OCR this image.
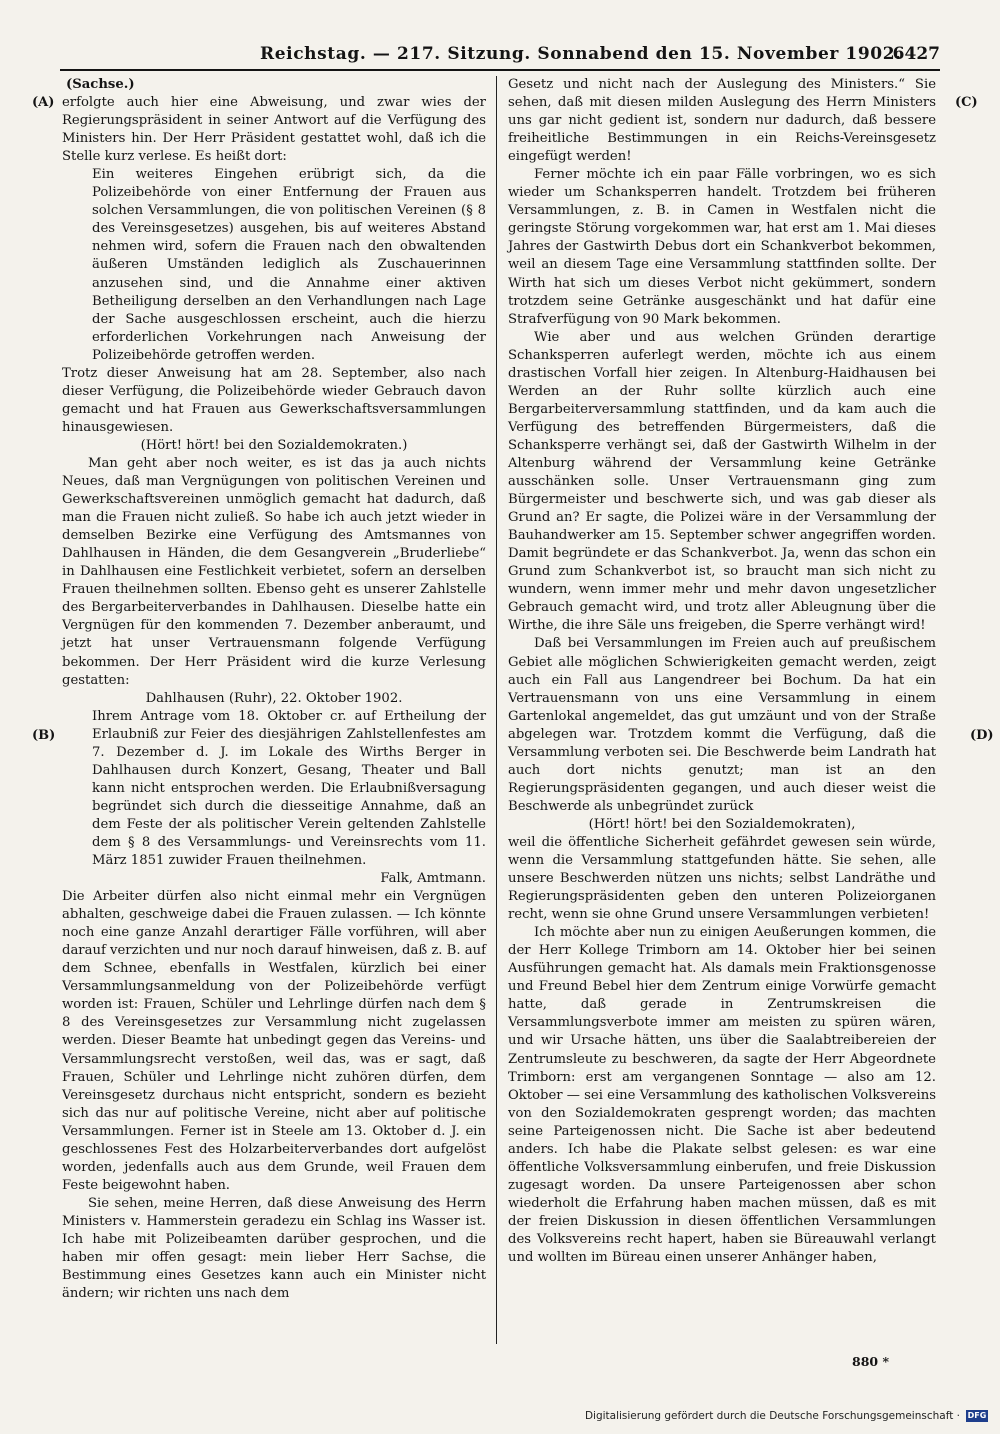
Reichstag. — 217. Sitzung. Sonnabend den 15. November 1902.
6427
(A)
(B)
(C)
(D)

(Sachse.)

erfolgte auch hier eine Abweisung, und zwar wies der Regierungspräsident in seiner Antwort auf die Verfügung des Ministers hin. Der Herr Präsident gestattet wohl, daß ich die Stelle kurz verlese. Es heißt dort:

Ein weiteres Eingehen erübrigt sich, da die Polizeibehörde von einer Entfernung der Frauen aus solchen Versammlungen, die von politischen Vereinen (§ 8 des Vereinsgesetzes) ausgehen, bis auf weiteres Abstand nehmen wird, sofern die Frauen nach den obwaltenden äußeren Umständen lediglich als Zuschauerinnen anzusehen sind, und die Annahme einer aktiven Betheiligung derselben an den Verhandlungen nach Lage der Sache ausgeschlossen erscheint, auch die hierzu erforderlichen Vorkehrungen nach Anweisung der Polizeibehörde getroffen werden.

Trotz dieser Anweisung hat am 28. September, also nach dieser Verfügung, die Polizeibehörde wieder Gebrauch davon gemacht und hat Frauen aus Gewerkschaftsversammlungen hinausgewiesen.

(Hört! hört! bei den Sozialdemokraten.)

Man geht aber noch weiter, es ist das ja auch nichts Neues, daß man Vergnügungen von politischen Vereinen und Gewerkschaftsvereinen unmöglich gemacht hat dadurch, daß man die Frauen nicht zuließ. So habe ich auch jetzt wieder in demselben Bezirke eine Verfügung des Amtsmannes von Dahlhausen in Händen, die dem Gesangverein „Bruderliebe“ in Dahlhausen eine Festlichkeit verbietet, sofern an derselben Frauen theilnehmen sollten. Ebenso geht es unserer Zahlstelle des Bergarbeiterverbandes in Dahlhausen. Dieselbe hatte ein Vergnügen für den kommenden 7. Dezember anberaumt, und jetzt hat unser Vertrauensmann folgende Verfügung bekommen. Der Herr Präsident wird die kurze Verlesung gestatten:

Dahlhausen (Ruhr), 22. Oktober 1902.

Ihrem Antrage vom 18. Oktober cr. auf Ertheilung der Erlaubniß zur Feier des diesjährigen Zahlstellenfestes am 7. Dezember d. J. im Lokale des Wirths Berger in Dahlhausen durch Konzert, Gesang, Theater und Ball kann nicht entsprochen werden. Die Erlaubnißversagung begründet sich durch die diesseitige Annahme, daß an dem Feste der als politischer Verein geltenden Zahlstelle dem § 8 des Versammlungs- und Vereinsrechts vom 11. März 1851 zuwider Frauen theilnehmen.

Falk, Amtmann.

Die Arbeiter dürfen also nicht einmal mehr ein Vergnügen abhalten, geschweige dabei die Frauen zulassen. — Ich könnte noch eine ganze Anzahl derartiger Fälle vorführen, will aber darauf verzichten und nur noch darauf hinweisen, daß z. B. auf dem Schnee, ebenfalls in Westfalen, kürzlich bei einer Versammlungsanmeldung von der Polizeibehörde verfügt worden ist: Frauen, Schüler und Lehrlinge dürfen nach dem § 8 des Vereinsgesetzes zur Versammlung nicht zugelassen werden. Dieser Beamte hat unbedingt gegen das Vereins- und Versammlungsrecht verstoßen, weil das, was er sagt, daß Frauen, Schüler und Lehrlinge nicht zuhören dürfen, dem Vereinsgesetz durchaus nicht entspricht, sondern es bezieht sich das nur auf politische Vereine, nicht aber auf politische Versammlungen. Ferner ist in Steele am 13. Oktober d. J. ein geschlossenes Fest des Holzarbeiterverbandes dort aufgelöst worden, jedenfalls auch aus dem Grunde, weil Frauen dem Feste beigewohnt haben.

Sie sehen, meine Herren, daß diese Anweisung des Herrn Ministers v. Hammerstein geradezu ein Schlag ins Wasser ist. Ich habe mit Polizeibeamten darüber gesprochen, und die haben mir offen gesagt: mein lieber Herr Sachse, die Bestimmung eines Gesetzes kann auch ein Minister nicht ändern; wir richten uns nach dem

Gesetz und nicht nach der Auslegung des Ministers.“ Sie sehen, daß mit diesen milden Auslegung des Herrn Ministers uns gar nicht gedient ist, sondern nur dadurch, daß bessere freiheitliche Bestimmungen in ein Reichs-Vereinsgesetz eingefügt werden!

Ferner möchte ich ein paar Fälle vorbringen, wo es sich wieder um Schanksperren handelt. Trotzdem bei früheren Versammlungen, z. B. in Camen in Westfalen nicht die geringste Störung vorgekommen war, hat erst am 1. Mai dieses Jahres der Gastwirth Debus dort ein Schankverbot bekommen, weil an diesem Tage eine Versammlung stattfinden sollte. Der Wirth hat sich um dieses Verbot nicht gekümmert, sondern trotzdem seine Getränke ausgeschänkt und hat dafür eine Strafverfügung von 90 Mark bekommen.

Wie aber und aus welchen Gründen derartige Schanksperren auferlegt werden, möchte ich aus einem drastischen Vorfall hier zeigen. In Altenburg-Haidhausen bei Werden an der Ruhr sollte kürzlich auch eine Bergarbeiterversammlung stattfinden, und da kam auch die Verfügung des betreffenden Bürgermeisters, daß die Schanksperre verhängt sei, daß der Gastwirth Wilhelm in der Altenburg während der Versammlung keine Getränke ausschänken solle. Unser Vertrauensmann ging zum Bürgermeister und beschwerte sich, und was gab dieser als Grund an? Er sagte, die Polizei wäre in der Versammlung der Bauhandwerker am 15. September schwer angegriffen worden. Damit begründete er das Schankverbot. Ja, wenn das schon ein Grund zum Schankverbot ist, so braucht man sich nicht zu wundern, wenn immer mehr und mehr davon ungesetzlicher Gebrauch gemacht wird, und trotz aller Ableugnung über die Wirthe, die ihre Säle uns freigeben, die Sperre verhängt wird!

Daß bei Versammlungen im Freien auch auf preußischem Gebiet alle möglichen Schwierigkeiten gemacht werden, zeigt auch ein Fall aus Langendreer bei Bochum. Da hat ein Vertrauensmann von uns eine Versammlung in einem Gartenlokal angemeldet, das gut umzäunt und von der Straße abgelegen war. Trotzdem kommt die Verfügung, daß die Versammlung verboten sei. Die Beschwerde beim Landrath hat auch dort nichts genutzt; man ist an den Regierungspräsidenten gegangen, und auch dieser weist die Beschwerde als unbegründet zurück

(Hört! hört! bei den Sozialdemokraten),

weil die öffentliche Sicherheit gefährdet gewesen sein würde, wenn die Versammlung stattgefunden hätte. Sie sehen, alle unsere Beschwerden nützen uns nichts; selbst Landräthe und Regierungspräsidenten geben den unteren Polizeiorganen recht, wenn sie ohne Grund unsere Versammlungen verbieten!

Ich möchte aber nun zu einigen Aeußerungen kommen, die der Herr Kollege Trimborn am 14. Oktober hier bei seinen Ausführungen gemacht hat. Als damals mein Fraktionsgenosse und Freund Bebel hier dem Zentrum einige Vorwürfe gemacht hatte, daß gerade in Zentrumskreisen die Versammlungsverbote immer am meisten zu spüren wären, und wir Ursache hätten, uns über die Saalabtreibereien der Zentrumsleute zu beschweren, da sagte der Herr Abgeordnete Trimborn: erst am vergangenen Sonntage — also am 12. Oktober — sei eine Versammlung des katholischen Volksvereins von den Sozialdemokraten gesprengt worden; das machten seine Parteigenossen nicht. Die Sache ist aber bedeutend anders. Ich habe die Plakate selbst gelesen: es war eine öffentliche Volksversammlung einberufen, und freie Diskussion zugesagt worden. Da unsere Parteigenossen aber schon wiederholt die Erfahrung haben machen müssen, daß es mit der freien Diskussion in diesen öffentlichen Versammlungen des Volksvereins recht hapert, haben sie Büreauwahl verlangt und wollten im Büreau einen unserer Anhänger haben,

880 *
Digitalisierung gefördert durch die Deutsche Forschungsgemeinschaft · DFG
